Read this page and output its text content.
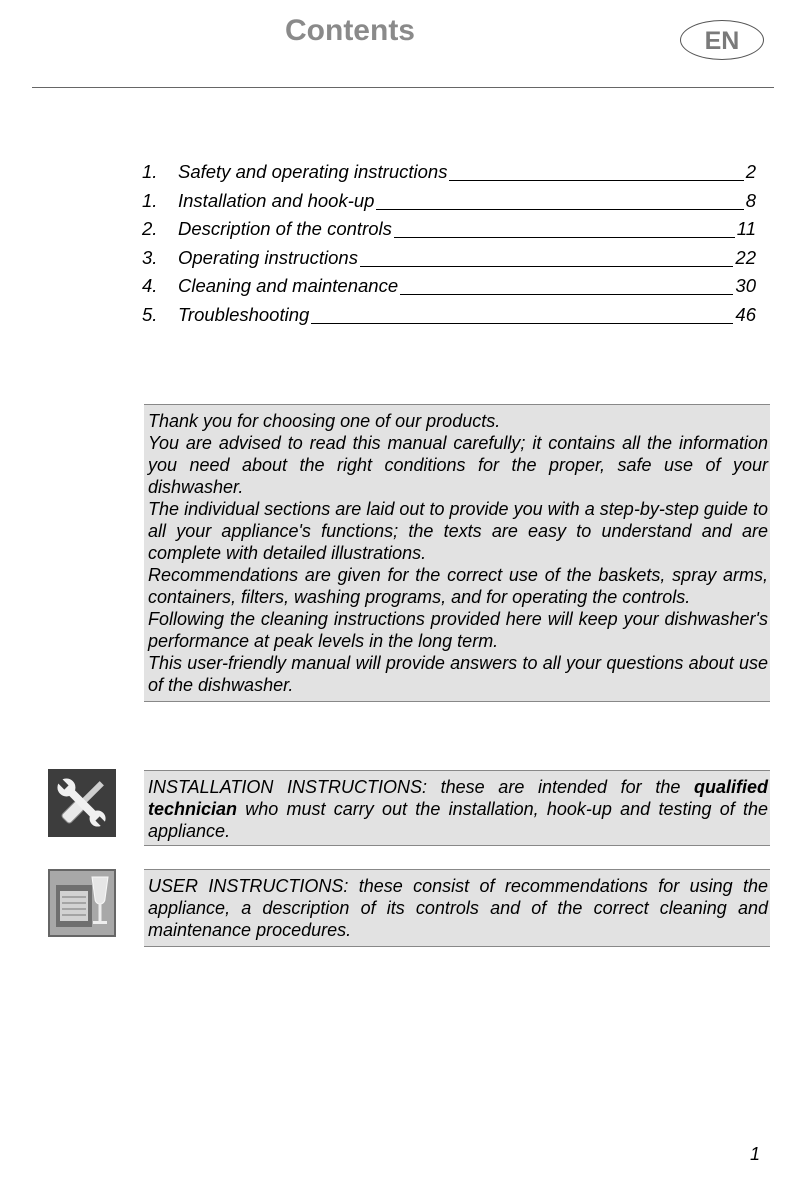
Contents	EN
1.	Safety and operating instructions	2
1.	Installation and hook-up	8
2.	Description of the controls	11
3.	Operating instructions	22
4.	Cleaning and maintenance	30
5.	Troubleshooting	46

Thank you for choosing one of our products.

You are advised to read this manual carefully; it contains all the information you need about the right conditions for the proper, safe use of your dishwasher.

The individual sections are laid out to provide you with a step-by-step guide to all your appliance's functions; the texts are easy to understand and are complete with detailed illustrations.

Recommendations are given for the correct use of the baskets, spray arms, containers, filters, washing programs, and for operating the controls.

Following the cleaning instructions provided here will keep your dishwasher's performance at peak levels in the long term.

This user-friendly manual will provide answers to all your questions about use of the dishwasher.

INSTALLATION INSTRUCTIONS: these are intended for the qualified technician who must carry out the installation, hook-up and testing of the appliance.
USER INSTRUCTIONS: these consist of recommendations for using the appliance, a description of its controls and of the correct cleaning and maintenance procedures.
1
